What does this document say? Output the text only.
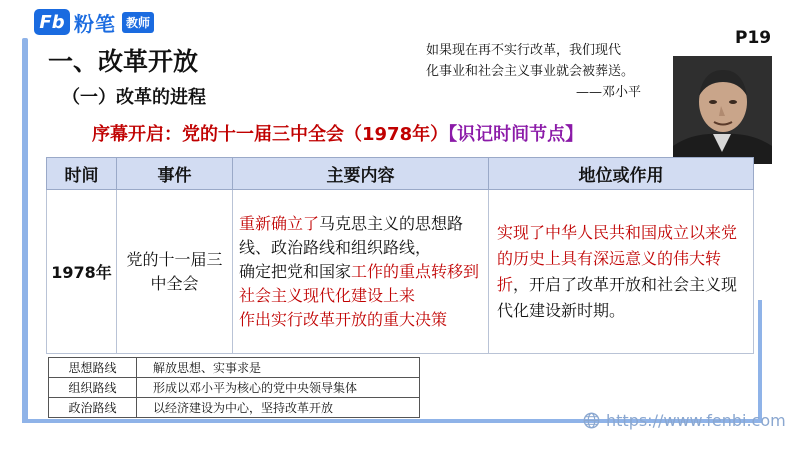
Fb 粉笔 教师
P19
一、改革开放
（一）改革的进程
如果现在再不实行改革，我们现代
化事业和社会主义事业就会被葬送。
——邓小平
序幕开启：党的十一届三中全会（1978年）【识记时间节点】
时间	事件	主要内容	地位或作用
1978年	党的十一届三中全会	重新确立了马克思主义的思想路线、政治路线和组织路线，
确定把党和国家工作的重点转移到社会主义现代化建设上来
作出实行改革开放的重大决策	实现了中华人民共和国成立以来党的历史上具有深远意义的伟大转折，开启了改革开放和社会主义现代化建设新时期。
思想路线	解放思想、实事求是
组织路线	形成以邓小平为核心的党中央领导集体
政治路线	以经济建设为中心，坚持改革开放
https://www.fenbi.com
